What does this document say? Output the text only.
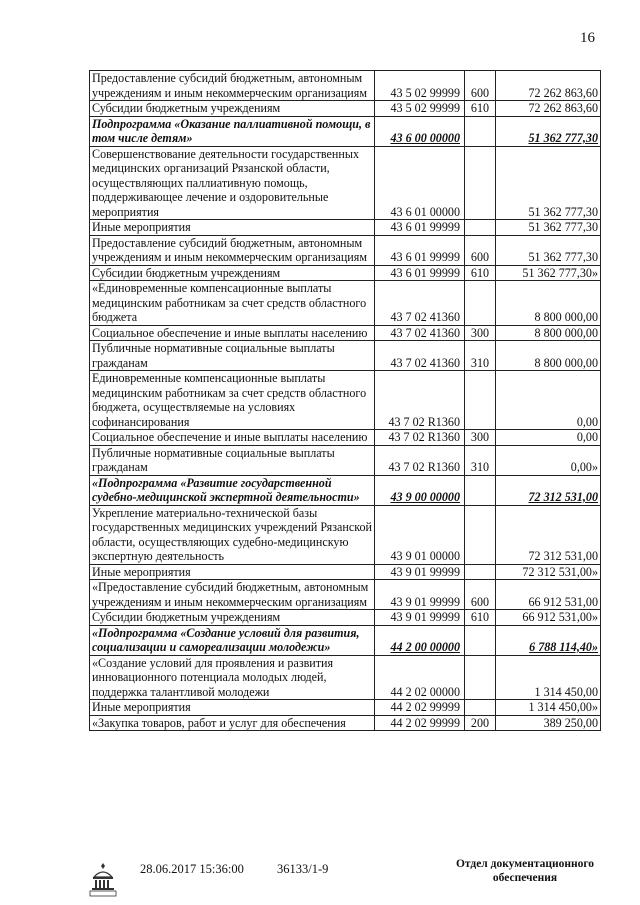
16
Предоставление субсидий бюджетным, автономным учреждениям и иным некоммерческим организациям	43 5 02 99999	600	72 262 863,60
Субсидии бюджетным учреждениям	43 5 02 99999	610	72 262 863,60
Подпрограмма «Оказание паллиативной помощи, в том числе детям»	43 6 00 00000		51 362 777,30
Совершенствование деятельности государственных медицинских организаций Рязанской области, осуществляющих паллиативную помощь, поддерживающее лечение и оздоровительные мероприятия	43 6 01 00000		51 362 777,30
Иные мероприятия	43 6 01 99999		51 362 777,30
Предоставление субсидий бюджетным, автономным учреждениям и иным некоммерческим организациям	43 6 01 99999	600	51 362 777,30
Субсидии бюджетным учреждениям	43 6 01 99999	610	51 362 777,30»
«Единовременные компенсационные выплаты медицинским работникам за счет средств областного бюджета	43 7 02 41360		8 800 000,00
Социальное обеспечение и иные выплаты населению	43 7 02 41360	300	8 800 000,00
Публичные нормативные социальные выплаты гражданам	43 7 02 41360	310	8 800 000,00
Единовременные компенсационные выплаты медицинским работникам за счет средств областного бюджета, осуществляемые на условиях софинансирования	43 7 02 R1360		0,00
Социальное обеспечение и иные выплаты населению	43 7 02 R1360	300	0,00
Публичные нормативные социальные выплаты гражданам	43 7 02 R1360	310	0,00»
«Подпрограмма «Развитие государственной судебно-медицинской экспертной деятельности»	43 9 00 00000		72 312 531,00
Укрепление материально-технической базы государственных медицинских учреждений Рязанской области, осуществляющих судебно-медицинскую экспертную деятельность	43 9 01 00000		72 312 531,00
Иные мероприятия	43 9 01 99999		72 312 531,00»
«Предоставление субсидий бюджетным, автономным учреждениям и иным некоммерческим организациям	43 9 01 99999	600	66 912 531,00
Субсидии бюджетным учреждениям	43 9 01 99999	610	66 912 531,00»
«Подпрограмма «Создание условий для развития, социализации и самореализации молодежи»	44 2 00 00000		6 788 114,40»
«Создание условий для проявления и развития инновационного потенциала молодых людей, поддержка талантливой молодежи	44 2 02 00000		1 314 450,00
Иные мероприятия	44 2 02 99999		1 314 450,00»
«Закупка товаров, работ и услуг для обеспечения	44 2 02 99999	200	389 250,00
28.06.2017 15:36:00	36133/1-9	Отдел документационного обеспечения
